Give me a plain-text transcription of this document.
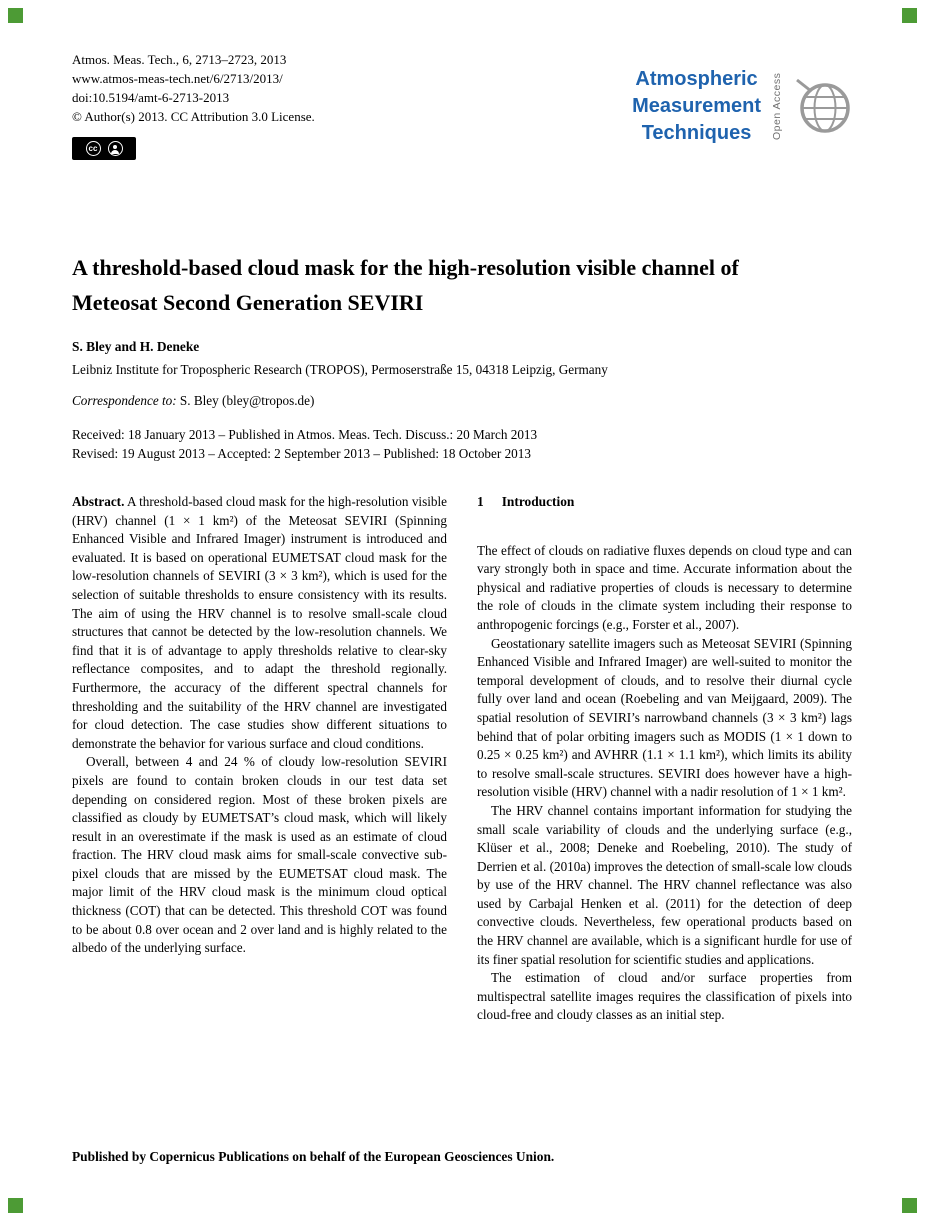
Atmos. Meas. Tech., 6, 2713–2723, 2013
www.atmos-meas-tech.net/6/2713/2013/
doi:10.5194/amt-6-2713-2013
© Author(s) 2013. CC Attribution 3.0 License.
cc
Atmospheric
Measurement
Techniques	Open Access
A threshold-based cloud mask for the high-resolution visible channel of Meteosat Second Generation SEVIRI
S. Bley and H. Deneke
Leibniz Institute for Tropospheric Research (TROPOS), Permoserstraße 15, 04318 Leipzig, Germany
Correspondence to: S. Bley (bley@tropos.de)
Received: 18 January 2013 – Published in Atmos. Meas. Tech. Discuss.: 20 March 2013
Revised: 19 August 2013 – Accepted: 2 September 2013 – Published: 18 October 2013

Abstract. A threshold-based cloud mask for the high-resolution visible (HRV) channel (1 × 1 km²) of the Meteosat SEVIRI (Spinning Enhanced Visible and Infrared Imager) instrument is introduced and evaluated. It is based on operational EUMETSAT cloud mask for the low-resolution channels of SEVIRI (3 × 3 km²), which is used for the selection of suitable thresholds to ensure consistency with its results. The aim of using the HRV channel is to resolve small-scale cloud structures that cannot be detected by the low-resolution channels. We find that it is of advantage to apply thresholds relative to clear-sky reflectance composites, and to adapt the threshold regionally. Furthermore, the accuracy of the different spectral channels for thresholding and the suitability of the HRV channel are investigated for cloud detection. The case studies show different situations to demonstrate the behavior for various surface and cloud conditions.

Overall, between 4 and 24 % of cloudy low-resolution SEVIRI pixels are found to contain broken clouds in our test data set depending on considered region. Most of these broken pixels are classified as cloudy by EUMETSAT’s cloud mask, which will likely result in an overestimate if the mask is used as an estimate of cloud fraction. The HRV cloud mask aims for small-scale convective sub-pixel clouds that are missed by the EUMETSAT cloud mask. The major limit of the HRV cloud mask is the minimum cloud optical thickness (COT) that can be detected. This threshold COT was found to be about 0.8 over ocean and 2 over land and is highly related to the albedo of the underlying surface.

1 Introduction

The effect of clouds on radiative fluxes depends on cloud type and can vary strongly both in space and time. Accurate information about the physical and radiative properties of clouds is necessary to determine the role of clouds in the climate system including their response to anthropogenic forcings (e.g., Forster et al., 2007).

Geostationary satellite imagers such as Meteosat SEVIRI (Spinning Enhanced Visible and Infrared Imager) are well-suited to monitor the temporal development of clouds, and to resolve their diurnal cycle fully over land and ocean (Roebeling and van Meijgaard, 2009). The spatial resolution of SEVIRI’s narrowband channels (3 × 3 km²) lags behind that of polar orbiting imagers such as MODIS (1 × 1 down to 0.25 × 0.25 km²) and AVHRR (1.1 × 1.1 km²), which limits its ability to resolve small-scale structures. SEVIRI does however have a high-resolution visible (HRV) channel with a nadir resolution of 1 × 1 km².

The HRV channel contains important information for studying the small scale variability of clouds and the underlying surface (e.g., Klüser et al., 2008; Deneke and Roebeling, 2010). The study of Derrien et al. (2010a) improves the detection of small-scale low clouds by use of the HRV channel. The HRV channel reflectance was also used by Carbajal Henken et al. (2011) for the detection of deep convective clouds. Nevertheless, few operational products based on the HRV channel are available, which is a significant hurdle for use of its finer spatial resolution for scientific studies and applications.

The estimation of cloud and/or surface properties from multispectral satellite images requires the classification of pixels into cloud-free and cloudy classes as an initial step.

Published by Copernicus Publications on behalf of the European Geosciences Union.
